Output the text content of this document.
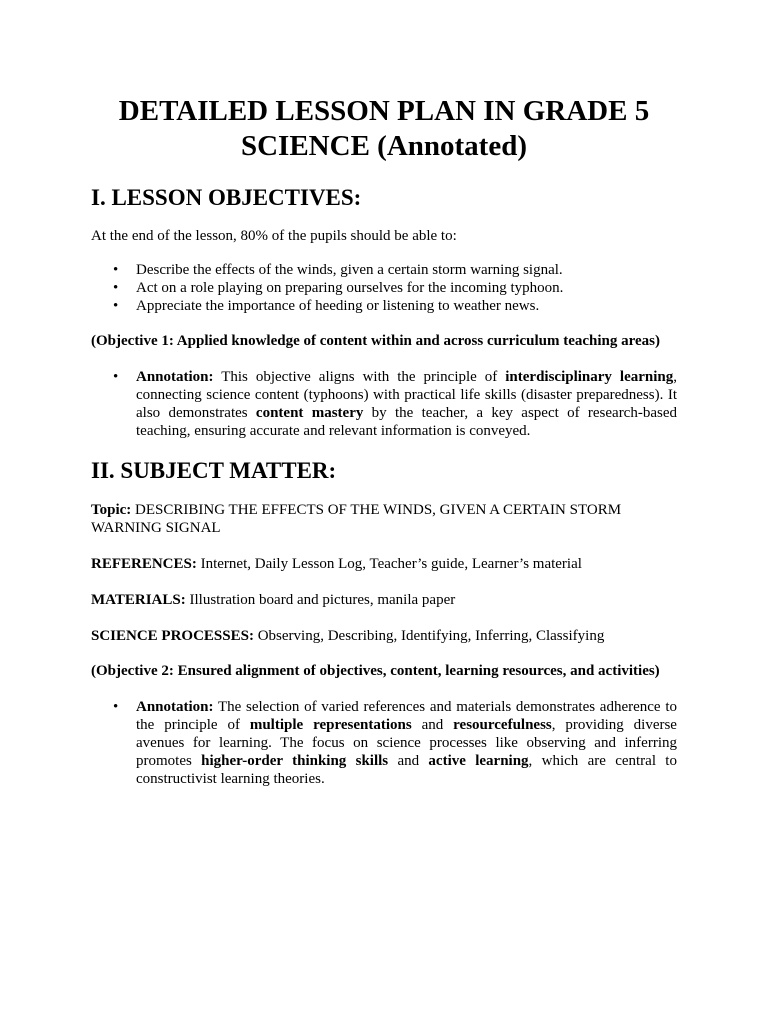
DETAILED LESSON PLAN IN GRADE 5
SCIENCE (Annotated)
I. LESSON OBJECTIVES:

At the end of the lesson, 80% of the pupils should be able to:

• Describe the effects of the winds, given a certain storm warning signal.
• Act on a role playing on preparing ourselves for the incoming typhoon.
• Appreciate the importance of heeding or listening to weather news.

(Objective 1: Applied knowledge of content within and across curriculum teaching areas)

• Annotation: This objective aligns with the principle of interdisciplinary learning, connecting science content (typhoons) with practical life skills (disaster preparedness). It also demonstrates content mastery by the teacher, a key aspect of research-based teaching, ensuring accurate and relevant information is conveyed.
II. SUBJECT MATTER:

Topic: DESCRIBING THE EFFECTS OF THE WINDS, GIVEN A CERTAIN STORM WARNING SIGNAL

REFERENCES: Internet, Daily Lesson Log, Teacher’s guide, Learner’s material

MATERIALS: Illustration board and pictures, manila paper

SCIENCE PROCESSES: Observing, Describing, Identifying, Inferring, Classifying

(Objective 2: Ensured alignment of objectives, content, learning resources, and activities)

• Annotation: The selection of varied references and materials demonstrates adherence to the principle of multiple representations and resourcefulness, providing diverse avenues for learning. The focus on science processes like observing and inferring promotes higher-order thinking skills and active learning, which are central to constructivist learning theories.
